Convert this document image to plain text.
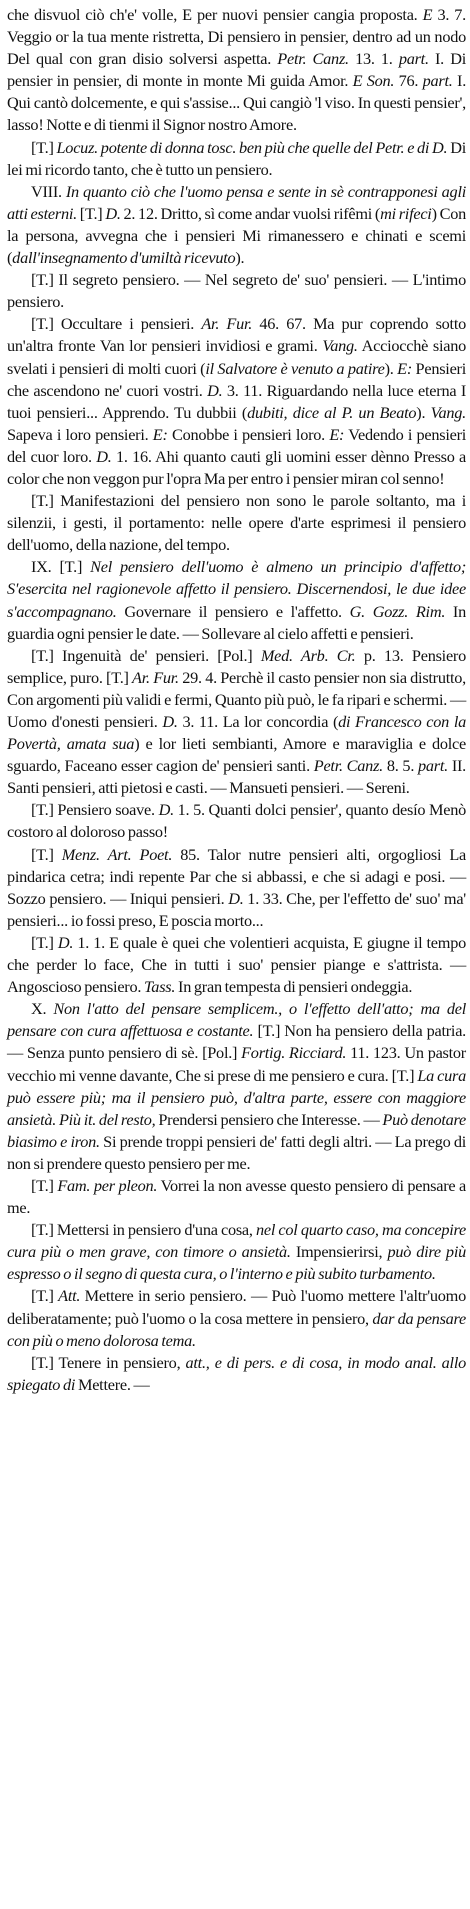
che disvuol ciò ch'e' volle, E per nuovi pensier cangia proposta. E 3. 7. Veggio or la tua mente ristretta, Di pensiero in pensier, dentro ad un nodo Del qual con gran disio solversi aspetta. Petr. Canz. 13. 1. part. I. Di pensier in pensier, di monte in monte Mi guida Amor. E Son. 76. part. I. Qui cantò dolcemente, e qui s'assise... Qui cangiò 'l viso. In questi pensier', lasso! Notte e di tienmi il Signor nostro Amore.

[T.] Locuz. potente di donna tosc. ben più che quelle del Petr. e di D. Di lei mi ricordo tanto, che è tutto un pensiero.

VIII. In quanto ciò che l'uomo pensa e sente in sè contrapponesi agli atti esterni. [T.] D. 2. 12. Dritto, sì come andar vuolsi rifêmi (mi rifeci) Con la persona, avvegna che i pensieri Mi rimanessero e chinati e scemi (dall'insegnamento d'umiltà ricevuto).

[T.] Il segreto pensiero. — Nel segreto de' suo' pensieri. — L'intimo pensiero.

[T.] Occultare i pensieri. Ar. Fur. 46. 67. Ma pur coprendo sotto un'altra fronte Van lor pensieri invidiosi e grami. Vang. Acciocchè siano svelati i pensieri di molti cuori (il Salvatore è venuto a patire). E: Pensieri che ascendono ne' cuori vostri. D. 3. 11. Riguardando nella luce eterna I tuoi pensieri... Apprendo. Tu dubbii (dubiti, dice al P. un Beato). Vang. Sapeva i loro pensieri. E: Conobbe i pensieri loro. E: Vedendo i pensieri del cuor loro. D. 1. 16. Ahi quanto cauti gli uomini esser dènno Presso a color che non veggon pur l'opra Ma per entro i pensier miran col senno!

[T.] Manifestazioni del pensiero non sono le parole soltanto, ma i silenzii, i gesti, il portamento: nelle opere d'arte esprimesi il pensiero dell'uomo, della nazione, del tempo.

IX. [T.] Nel pensiero dell'uomo è almeno un principio d'affetto; S'esercita nel ragionevole affetto il pensiero. Discernendosi, le due idee s'accompagnano. Governare il pensiero e l'affetto. G. Gozz. Rim. In guardia ogni pensier le date. — Sollevare al cielo affetti e pensieri.

[T.] Ingenuità de' pensieri. [Pol.] Med. Arb. Cr. p. 13. Pensiero semplice, puro. [T.] Ar. Fur. 29. 4. Perchè il casto pensier non sia distrutto, Con argomenti più validi e fermi, Quanto più può, le fa ripari e schermi. — Uomo d'onesti pensieri. D. 3. 11. La lor concordia (di Francesco con la Povertà, amata sua) e lor lieti sembianti, Amore e maraviglia e dolce sguardo, Faceano esser cagion de' pensieri santi. Petr. Canz. 8. 5. part. II. Santi pensieri, atti pietosi e casti. — Mansueti pensieri. — Sereni.

[T.] Pensiero soave. D. 1. 5. Quanti dolci pensier', quanto desío Menò costoro al doloroso passo!

[T.] Menz. Art. Poet. 85. Talor nutre pensieri alti, orgogliosi La pindarica cetra; indi repente Par che si abbassi, e che si adagi e posi. — Sozzo pensiero. — Iniqui pensieri. D. 1. 33. Che, per l'effetto de' suo' ma' pensieri... io fossi preso, E poscia morto...

[T.] D. 1. 1. E quale è quei che volentieri acquista, E giugne il tempo che perder lo face, Che in tutti i suo' pensier piange e s'attrista. — Angoscioso pensiero. Tass. In gran tempesta di pensieri ondeggia.

X. Non l'atto del pensare semplicem., o l'effetto dell'atto; ma del pensare con cura affettuosa e costante. [T.] Non ha pensiero della patria. — Senza punto pensiero di sè. [Pol.] Fortig. Ricciard. 11. 123. Un pastor vecchio mi venne davante, Che si prese di me pensiero e cura. [T.] La cura può essere più; ma il pensiero può, d'altra parte, essere con maggiore ansietà. Più it. del resto, Prendersi pensiero che Interesse. — Può denotare biasimo e iron. Si prende troppi pensieri de' fatti degli altri. — La prego di non si prendere questo pensiero per me.

[T.] Fam. per pleon. Vorrei la non avesse questo pensiero di pensare a me.

[T.] Mettersi in pensiero d'una cosa, nel col quarto caso, ma concepire cura più o men grave, con timore o ansietà. Impensierirsi, può dire più espresso o il segno di questa cura, o l'interno e più subito turbamento.

[T.] Att. Mettere in serio pensiero. — Può l'uomo mettere l'altr'uomo deliberatamente; può l'uomo o la cosa mettere in pensiero, dar da pensare con più o meno dolorosa tema.

[T.] Tenere in pensiero, att., e di pers. e di cosa, in modo anal. allo spiegato di Mettere. —
